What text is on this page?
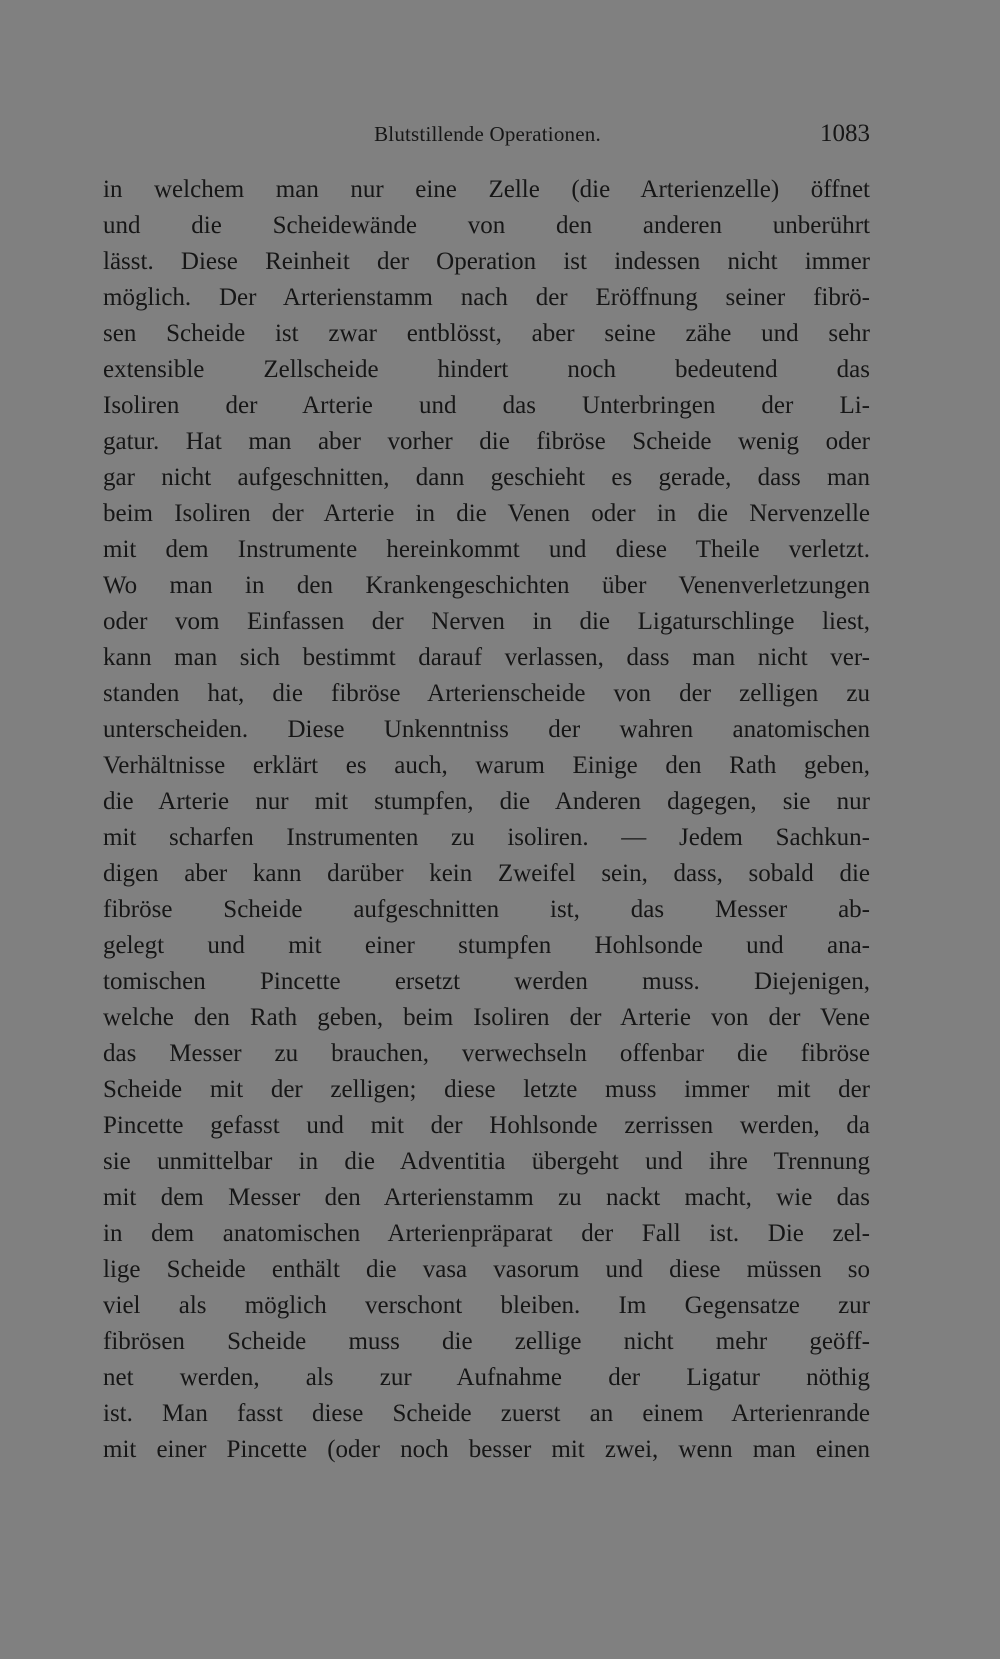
Blutstillende Operationen.	1083
in welchem man nur eine Zelle (die Arterienzelle) öffnet
und die Scheidewände von den anderen unberührt
lässt. Diese Reinheit der Operation ist indessen nicht immer
möglich. Der Arterienstamm nach der Eröffnung seiner fibrö-
sen Scheide ist zwar entblösst, aber seine zähe und sehr
extensible Zellscheide hindert noch bedeutend das
Isoliren der Arterie und das Unterbringen der Li-
gatur. Hat man aber vorher die fibröse Scheide wenig oder
gar nicht aufgeschnitten, dann geschieht es gerade, dass man
beim Isoliren der Arterie in die Venen oder in die Nervenzelle
mit dem Instrumente hereinkommt und diese Theile verletzt.
Wo man in den Krankengeschichten über Venenverletzungen
oder vom Einfassen der Nerven in die Ligaturschlinge liest,
kann man sich bestimmt darauf verlassen, dass man nicht ver-
standen hat, die fibröse Arterienscheide von der zelligen zu
unterscheiden. Diese Unkenntniss der wahren anatomischen
Verhältnisse erklärt es auch, warum Einige den Rath geben,
die Arterie nur mit stumpfen, die Anderen dagegen, sie nur
mit scharfen Instrumenten zu isoliren. — Jedem Sachkun-
digen aber kann darüber kein Zweifel sein, dass, sobald die
fibröse Scheide aufgeschnitten ist, das Messer ab-
gelegt und mit einer stumpfen Hohlsonde und ana-
tomischen Pincette ersetzt werden muss. Diejenigen,
welche den Rath geben, beim Isoliren der Arterie von der Vene
das Messer zu brauchen, verwechseln offenbar die fibröse
Scheide mit der zelligen; diese letzte muss immer mit der
Pincette gefasst und mit der Hohlsonde zerrissen werden, da
sie unmittelbar in die Adventitia übergeht und ihre Trennung
mit dem Messer den Arterienstamm zu nackt macht, wie das
in dem anatomischen Arterienpräparat der Fall ist. Die zel-
lige Scheide enthält die vasa vasorum und diese müssen so
viel als möglich verschont bleiben. Im Gegensatze zur
fibrösen Scheide muss die zellige nicht mehr geöff-
net werden, als zur Aufnahme der Ligatur nöthig
ist. Man fasst diese Scheide zuerst an einem Arterienrande
mit einer Pincette (oder noch besser mit zwei, wenn man einen
